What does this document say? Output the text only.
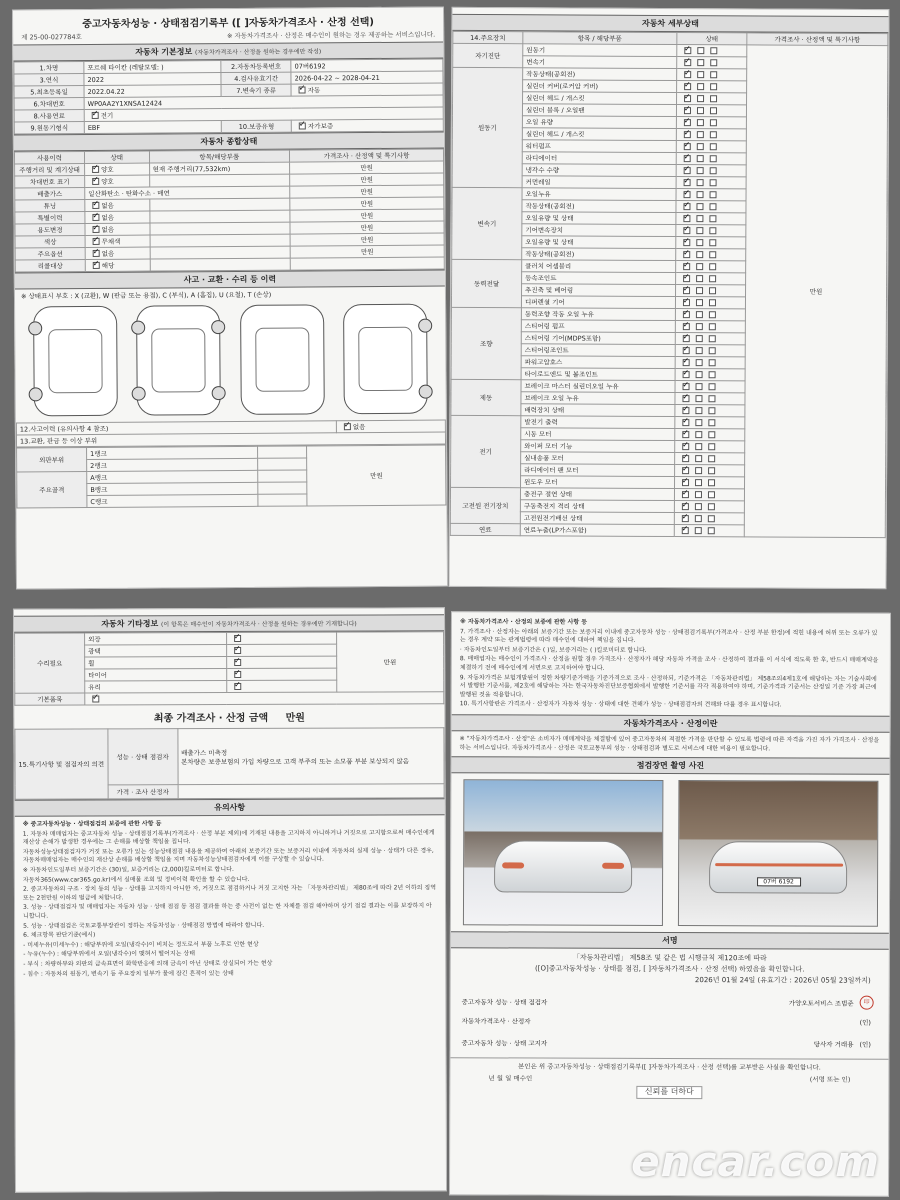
중고자동차성능 · 상태점검기록부 ([ ]자동차가격조사 · 산정 선택)
제 25-00-027784호	※ 자동차가격조사 · 산정은 매수인이 원하는 경우 제공하는 서비스입니다.
자동차 기본정보 (자동차가격조사 · 산정을 원하는 경우에만 작성)
1.차명	포르쉐 타이칸 (레탈모델: )	2.자동차등록번호	07버6192
3.연식	2022	4.검사유효기간	2026-04-22 ~ 2028-04-21
5.최초등록일	2022.04.22	7.변속기 종류	✓자동
6.차대번호	WP0AA2Y1XNSA12424		
8.사용연료	✓전기
9.원동기형식	EBF	10.보증유형	✓자가보증
자동차 종합상태
사용이력	상태	항목/해당부품	가격조사 · 산정액 및 특기사항
주행거리 및 계기상태	✓양호	현재 주행거리(77,532km)	만원
차대번호 표기	✓양호		만원
배출가스	일산화탄소 · 탄화수소 · 매연		만원
튜닝	✓없음		만원
특별이력	✓없음		만원
용도변경	✓없음		만원
색상	✓무채색		만원
주요옵션	✓없음		만원
리콜대상	✓해당		
사고 · 교환 · 수리 등 이력
※ 상태표시 부호 : X (교환), W (판금 또는 용접), C (부식), A (흠집), U (요철), T (손상)
12.사고이력 (유의사항 4 참조)	✓없음
13.교환, 판금 등 이상 부위
외판부위	1랭크		만원
	2랭크		
주요골격	A랭크		
	B랭크		
	C랭크		
자동차 세부상태
14.주요장치	항목 / 해당부품	상태	가격조사 · 산정액 및 특기사항
자기진단	원동기	✓	만원
	변속기	✓
원동기	작동상태(공회전)	✓
	실린더 커버(로커암 커버)	✓
	실린더 헤드 / 개스킷	✓
	실린더 블록 / 오일팬	✓
	오일 유량	✓
	실린더 헤드 / 개스킷	✓
	워터펌프	✓
	라디에이터	✓
	냉각수 수량	✓
	커먼레일	✓
변속기	오일누유	✓
	작동상태(공회전)	✓
	오일유량 및 상태	✓
	기어변속장치	✓
	오일유량 및 상태	✓
	작동상태(공회전)	✓
동력전달	클러치 어셈블리	✓
	등속조인트	✓
	추진축 및 베어링	✓
	디퍼렌셜 기어	✓
조향	동력조향 작동 오일 누유	✓
	스티어링 펌프	✓
	스티어링 기어(MDPS포함)	✓
	스티어링조인트	✓
	파워고압호스	✓
	타이로드엔드 및 볼조인트	✓
제동	브레이크 마스터 실린더오일 누유	✓
	브레이크 오일 누유	✓
	배력장치 상태	✓
전기	발전기 출력	✓
	시동 모터	✓
	와이퍼 모터 기능	✓
	실내송풍 모터	✓
	라디에이터 팬 모터	✓
	윈도우 모터	✓
고전원 전기장치	충전구 절연 상태	✓
	구동축전지 격리 상태	✓
	고전원전기배선 상태	✓
연료	연료누출(LP가스포함)	✓
자동차 기타정보 (이 항목은 매수인이 자동차가격조사 · 산정을 원하는 경우에만 기재합니다)
수리필요	외장	✓	만원
	광택	✓
	휠	✓
	타이어	✓
	유리	✓
기본품목	✓
최종 가격조사 · 산정 금액 만원
15.특기사항 및 점검자의 의견	성능 · 상태 점검자	배출가스 미측정
본차량은 보증보험의 가입 차량으로 고객 부주의 또는 소모품 부분 보상되지 않음

	가격 · 조사 산정자	
유의사항

※ 중고자동차성능 · 상태점검의 보증에 관한 사항 등

1. 자동차 매매업자는 중고자동차 성능 · 상태점검기록부(가격조사 · 산정 부분 제외)에 기재된 내용을 고지하지 아니하거나 거짓으로 고지함으로써 매수인에게 재산상 손해가 발생한 경우에는 그 손해를 배상할 책임을 집니다.

자동차성능상태점검자가 거짓 또는 오류가 있는 성능상태점검 내용을 제공하여 아래의 보증기간 또는 보증거리 이내에 자동차의 실제 성능 · 상태가 다른 경우, 자동차매매업자는 매수인의 재산상 손해를 배상할 책임을 지며 자동차성능상태점검자에게 이를 구상할 수 있습니다.

※ 자동차인도일부터 보증기간은 (30)일, 보증거리는 (2,000)킬로미터로 합니다.

자동차365(www.car365.go.kr)에서 실매물 조회 및 정비이력 확인을 할 수 있습니다.

2. 중고자동차의 구조 · 장치 등의 성능 · 상태를 고지하지 아니한 자, 거짓으로 점검하거나 거짓 고지한 자는 「자동차관리법」 제80조에 따라 2년 이하의 징역 또는 2천만원 이하의 벌금에 처합니다.

3. 성능 · 상태점검자 및 매매업자는 자동차 성능 · 상태 점검 등 점검 결과를 하는 중 사전이 없는 한 자체를 점검 해야하며 상기 점검 결과는 이를 보장하지 아니합니다.

5. 성능 · 상태점검은 국토교통부장관이 정하는 자동차성능 · 상태점검 방법에 따라야 합니다.

6. 체크항목 판단기준(예시)

- 미세누유(미세누수) : 해당부위에 오일(냉각수)이 비치는 정도로서 부품 노후로 인한 현상

- 누유(누수) : 해당부위에서 오일(냉각수)이 맺혀서 떨어지는 상태

- 부식 : 차량하부와 외판의 금속표면이 화학반응에 의해 금속이 아닌 상태로 상실되어 가는 현상

- 침수 : 자동차의 원동기, 변속기 등 주요장치 일부가 물에 잠긴 흔적이 있는 상태

※ 자동차가격조사 · 산정의 보증에 관한 사항 등

7. 가격조사 · 산정자는 아래의 보증기간 또는 보증거리 이내에 중고자동차 성능 · 상태점검기록부(가격조사 · 산정 부분 한정)에 적힌 내용에 허위 또는 오류가 있는 경우 계약 또는 관계법령에 따라 매수인에 대하여 책임을 집니다.

· 자동차인도일부터 보증기간은 ( )일, 보증거리는 ( )킬로미터로 합니다.

8. 매매업자는 매수인이 가격조사 · 산정을 원할 경우 가격조사 · 산정자가 해당 자동차 가격을 조사 · 산정하여 결과를 이 서식에 적도록 한 후, 반드시 매매계약을 체결하기 전에 매수인에게 서면으로 고지하여야 합니다.

9. 자동차가격은 보험개발원이 정한 차량기준가액을 기준가격으로 조사 · 산정하되, 기준가격은 「자동차관리법」 제58조의4제1호에 해당하는 자는 기술사회에서 발행한 기준서를, 제2호에 해당하는 자는 한국자동차진단보증협회에서 발행한 기준서를 각각 적용하여야 하며, 기준가격과 기준서는 산정일 기준 가장 최근에 발행된 것을 적용합니다.

10. 특기사항란은 가격조사 · 산정자가 자동차 성능 · 상태에 대한 견해가 성능 · 상태점검자의 견해와 다를 경우 표시합니다.

자동차가격조사 · 산정이란
※ "자동차가격조사 · 산정"은 소비자가 매매계약을 체결함에 있어 중고자동차의 적절한 가격을 판단할 수 있도록 법령에 따른 자격을 가진 자가 가격조사 · 산정을 하는 서비스입니다. 자동차가격조사 · 산정은 국토교통부의 성능 · 상태점검과 별도로 서비스에 대한 비용이 필요합니다.
점검장면 촬영 사진
07버 6192
서명
「자동차관리법」 제58조 및 같은 법 시행규칙 제120조에 따라
([O]중고자동차성능 · 상태를 점검, [ ]자동차가격조사 · 산정 선택) 하였음을 확인합니다.
2026년 01월 24일 (유효기간 : 2026년 05월 23일까지)
중고자동차 성능 · 상태 점검자	가양오토서비스 조범준	印
자동차가격조사 · 산정자		(인)
중고자동차 성능 · 상태 고지자	당사자 거래용	(인)
본인은 위 중고자동차성능 · 상태점검기록부([ ]자동차가격조사 · 산정 선택)를 교부받은 사실을 확인합니다.
년 월 일 매수인	(서명 또는 인)
신뢰를 더하다
encar.com
